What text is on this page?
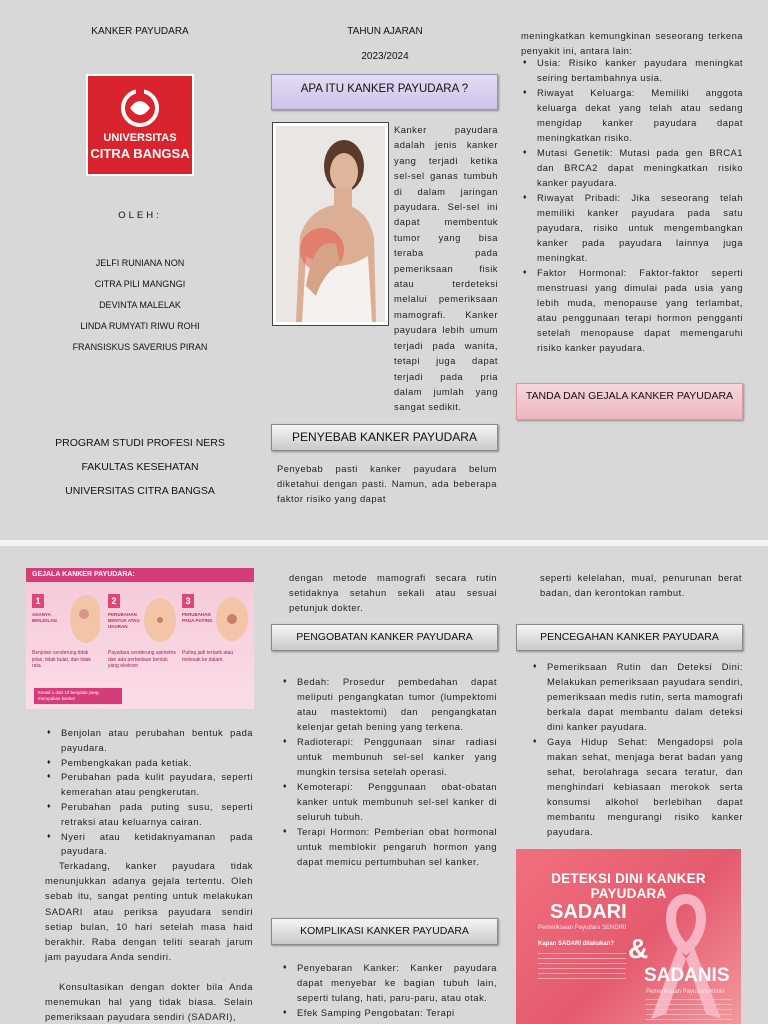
KANKER PAYUDARA
UNIVERSITAS
CITRA BANGSA
OLEH:
JELFI RUNIANA NON
CITRA PILI MANGNGI
DEVINTA MALELAK
LINDA RUMYATI RIWU ROHI
FRANSISKUS SAVERIUS PIRAN
PROGRAM STUDI PROFESI NERS
FAKULTAS KESEHATAN
UNIVERSITAS CITRA BANGSA
TAHUN AJARAN
2023/2024
APA ITU KANKER PAYUDARA ?
Kanker payudara adalah jenis kanker yang terjadi ketika sel-sel ganas tumbuh di dalam jaringan payudara. Sel-sel ini dapat membentuk tumor yang bisa teraba pada pemeriksaan fisik atau terdeteksi melalui pemeriksaan mamografi. Kanker payudara lebih umum terjadi pada wanita, tetapi juga dapat terjadi pada pria dalam jumlah yang sangat sedikit.
PENYEBAB KANKER PAYUDARA
Penyebab pasti kanker payudara belum diketahui dengan pasti. Namun, ada beberapa faktor risiko yang dapat
meningkatkan kemungkinan seseorang terkena penyakit ini, antara lain:
♦ Usia: Risiko kanker payudara meningkat seiring bertambahnya usia.
♦ Riwayat Keluarga: Memiliki anggota keluarga dekat yang telah atau sedang mengidap kanker payudara dapat meningkatkan risiko.
♦ Mutasi Genetik: Mutasi pada gen BRCA1 dan BRCA2 dapat meningkatkan risiko kanker payudara.
♦ Riwayat Pribadi: Jika seseorang telah memiliki kanker payudara pada satu payudara, risiko untuk mengembangkan kanker pada payudara lainnya juga meningkat.
♦ Faktor Hormonal: Faktor-faktor seperti menstruasi yang dimulai pada usia yang lebih muda, menopause yang terlambat, atau penggunaan terapi hormon pengganti setelah menopause dapat memengaruhi risiko kanker payudara.
TANDA DAN GEJALA KANKER PAYUDARA
GEJALA KANKER PAYUDARA:
1
ADANYA BENJOLAN
Benjolan cenderung tidak jelas, tidak bulat, dan tidak rata
2
PERUBAHAN BENTUK ATAU UKURAN
Payudara cenderung asimetris dan ada perbedaan bentuk yang ekstrem
3
PERUBAHAN PADA PUTING
Puting jadi tertarik atau melesak ke dalam.
Kenali 1 dari 10 benjolan yang merupakan kanker
♦ Benjolan atau perubahan bentuk pada payudara.
♦ Pembengkakan pada ketiak.
♦ Perubahan pada kulit payudara, seperti kemerahan atau pengkerutan.
♦ Perubahan pada puting susu, seperti retraksi atau keluarnya cairan.
♦ Nyeri atau ketidaknyamanan pada payudara.
Terkadang, kanker payudara tidak menunjukkan adanya gejala tertentu. Oleh sebab itu, sangat penting untuk melakukan SADARI atau periksa payudara sendiri setiap bulan, 10 hari setelah masa haid berakhir. Raba dengan teliti searah jarum jam payudara Anda sendiri.
Konsultasikan dengan dokter bila Anda menemukan hal yang tidak biasa. Selain pemeriksaan payudara sendiri (SADARI),
dengan metode mamografi secara rutin setidaknya setahun sekali atau sesuai petunjuk dokter.
PENGOBATAN KANKER PAYUDARA
♦ Bedah: Prosedur pembedahan dapat meliputi pengangkatan tumor (lumpektomi atau mastektomi) dan pengangkatan kelenjar getah bening yang terkena.
♦ Radioterapi: Penggunaan sinar radiasi untuk membunuh sel-sel kanker yang mungkin tersisa setelah operasi.
♦ Kemoterapi: Penggunaan obat-obatan kanker untuk membunuh sel-sel kanker di seluruh tubuh.
♦ Terapi Hormon: Pemberian obat hormonal untuk memblokir pengaruh hormon yang dapat memicu pertumbuhan sel kanker.
KOMPLIKASI KANKER PAYUDARA
♦ Penyebaran Kanker: Kanker payudara dapat menyebar ke bagian tubuh lain, seperti tulang, hati, paru-paru, atau otak.
♦ Efek Samping Pengobatan: Terapi
seperti kelelahan, mual, penurunan berat badan, dan kerontokan rambut.
PENCEGAHAN KANKER PAYUDARA
♦ Pemeriksaan Rutin dan Deteksi Dini: Melakukan pemeriksaan payudara sendiri, pemeriksaan medis rutin, serta mamografi berkala dapat membantu dalam deteksi dini kanker payudara.
♦ Gaya Hidup Sehat: Mengadopsi pola makan sehat, menjaga berat badan yang sehat, berolahraga secara teratur, dan menghindari kebiasaan merokok serta konsumsi alkohol berlebihan dapat membantu mengurangi risiko kanker payudara.
DETEKSI DINI KANKER PAYUDARA
SADARI
Pemeriksaan Payudara SENDIRI
Kapan SADARI dilakukan? &
SADANIS
Pemeriksaan Payudara Klinis
